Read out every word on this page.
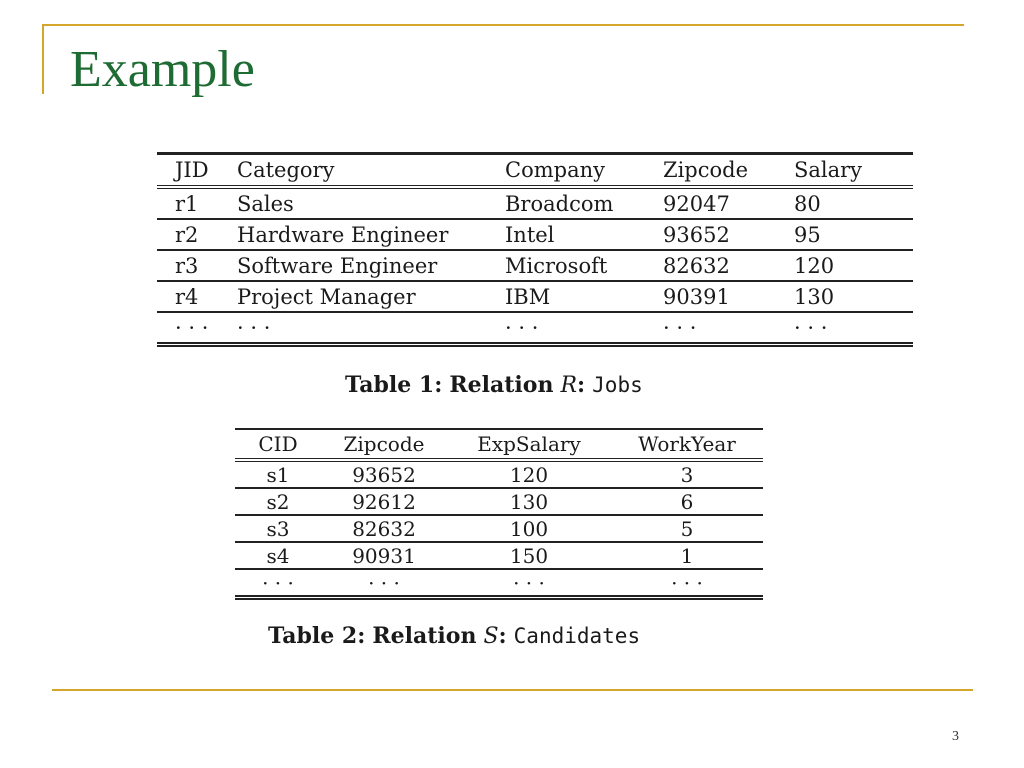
Example
JID	Category	Company	Zipcode	Salary
r1	Sales	Broadcom	92047	80
r2	Hardware Engineer	Intel	93652	95
r3	Software Engineer	Microsoft	82632	120
r4	Project Manager	IBM	90391	130
· · ·	· · ·	· · ·	· · ·	· · ·
Table 1: Relation R: Jobs
CID	Zipcode	ExpSalary	WorkYear
s1	93652	120	3
s2	92612	130	6
s3	82632	100	5
s4	90931	150	1
· · ·	· · ·	· · ·	· · ·
Table 2: Relation S: Candidates
3
